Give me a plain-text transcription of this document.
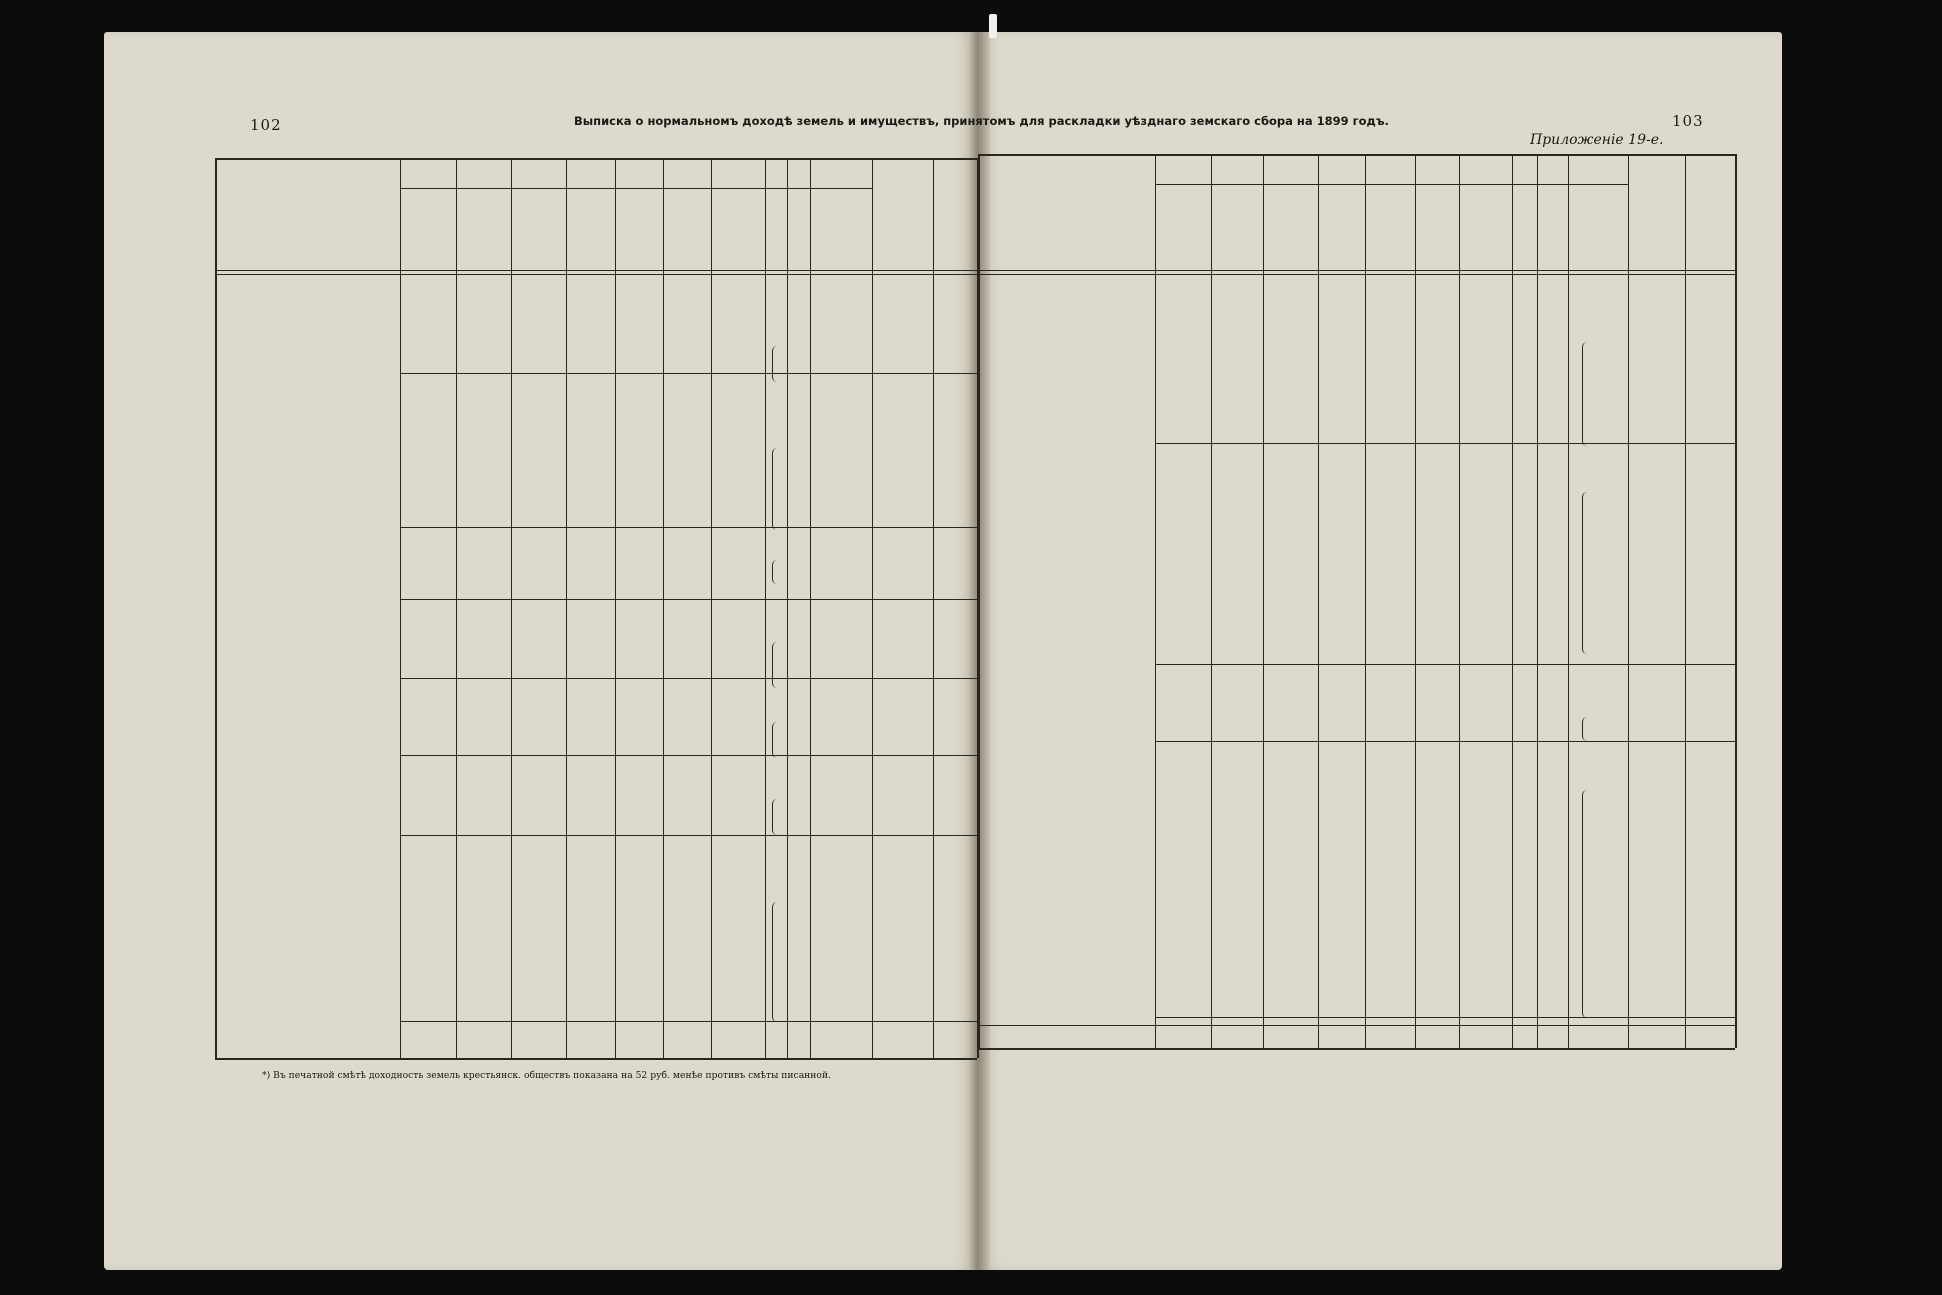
102	103
Выписка о нормальномъ доходѣ земель и имуществъ, принятомъ для раскладки уѣзднаго земскаго сбора на 1899 годъ.
Приложеніе 19-е.
*) Въ печатной смѣтѣ доходность земель крестьянск. обществъ показана на 52 руб. менѣе противъ смѣты писанной.
